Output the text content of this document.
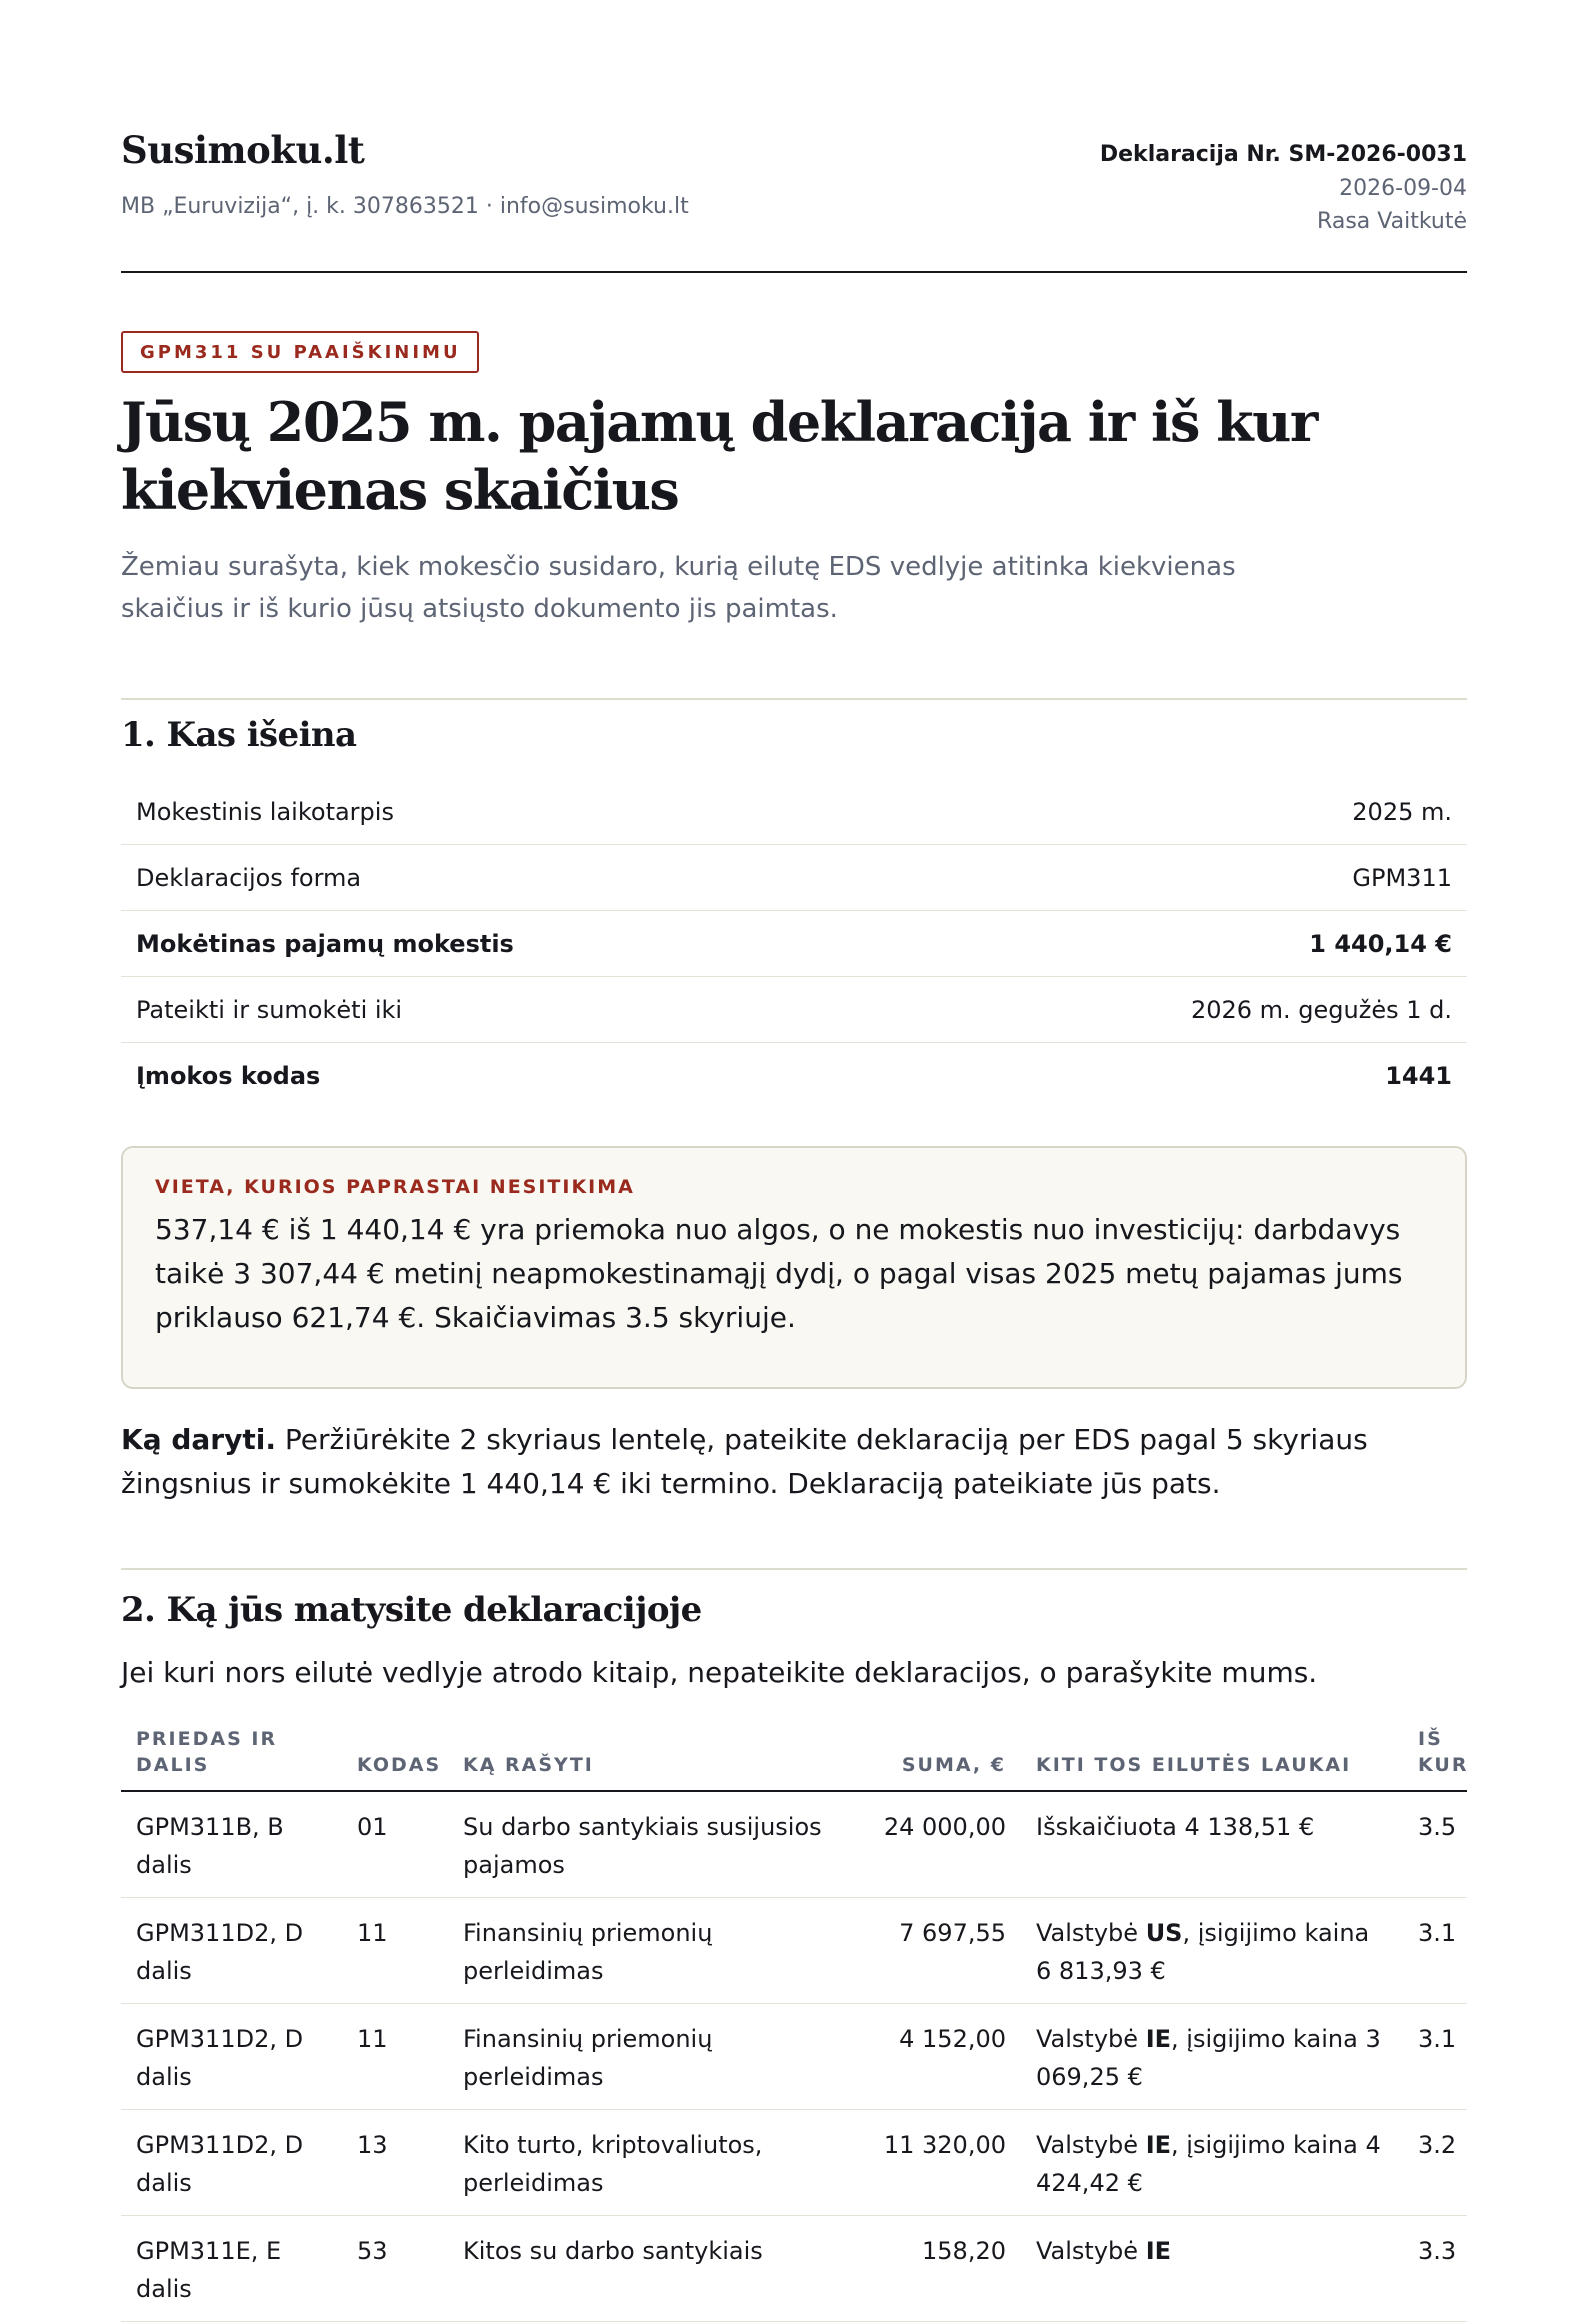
Susimoku.lt
MB „Euruvizija“, į. k. 307863521 · info@susimoku.lt
Deklaracija Nr. SM-2026-0031
2026-09-04
Rasa Vaitkutė
GPM311 SU PAAIŠKINIMU
Jūsų 2025 m. pajamų deklaracija ir iš kur kiekvienas skaičius

Žemiau surašyta, kiek mokesčio susidaro, kurią eilutę EDS vedlyje atitinka kiekvienas skaičius ir iš kurio jūsų atsiųsto dokumento jis paimtas.

1. Kas išeina
Mokestinis laikotarpis	2025 m.
Deklaracijos forma	GPM311
Mokėtinas pajamų mokestis	1 440,14 €
Pateikti ir sumokėti iki	2026 m. gegužės 1 d.
Įmokos kodas	1441
VIETA, KURIOS PAPRASTAI NESITIKIMA
537,14 € iš 1 440,14 € yra priemoka nuo algos, o ne mokestis nuo investicijų: darbdavys taikė 3 307,44 € metinį neapmokestinamąjį dydį, o pagal visas 2025 metų pajamas jums priklauso 621,74 €. Skaičiavimas 3.5 skyriuje.

Ką daryti. Peržiūrėkite 2 skyriaus lentelę, pateikite deklaraciją per EDS pagal 5 skyriaus žingsnius ir sumokėkite 1 440,14 € iki termino. Deklaraciją pateikiate jūs pats.

2. Ką jūs matysite deklaracijoje

Jei kuri nors eilutė vedlyje atrodo kitaip, nepateikite deklaracijos, o parašykite mums.

PRIEDAS IR DALIS	KODAS	KĄ RAŠYTI	SUMA, €	KITI TOS EILUTĖS LAUKAI	IŠ KUR
GPM311B, B dalis	01	Su darbo santykiais susijusios pajamos	24 000,00	Išskaičiuota 4 138,51 €	3.5
GPM311D2, D dalis	11	Finansinių priemonių perleidimas	7 697,55	Valstybė US, įsigijimo kaina 6 813,93 €	3.1
GPM311D2, D dalis	11	Finansinių priemonių perleidimas	4 152,00	Valstybė IE, įsigijimo kaina 3 069,25 €	3.1
GPM311D2, D dalis	13	Kito turto, kriptovaliutos, perleidimas	11 320,00	Valstybė IE, įsigijimo kaina 4 424,42 €	3.2
GPM311E, E dalis	53	Kitos su darbo santykiais	158,20	Valstybė IE	3.3
